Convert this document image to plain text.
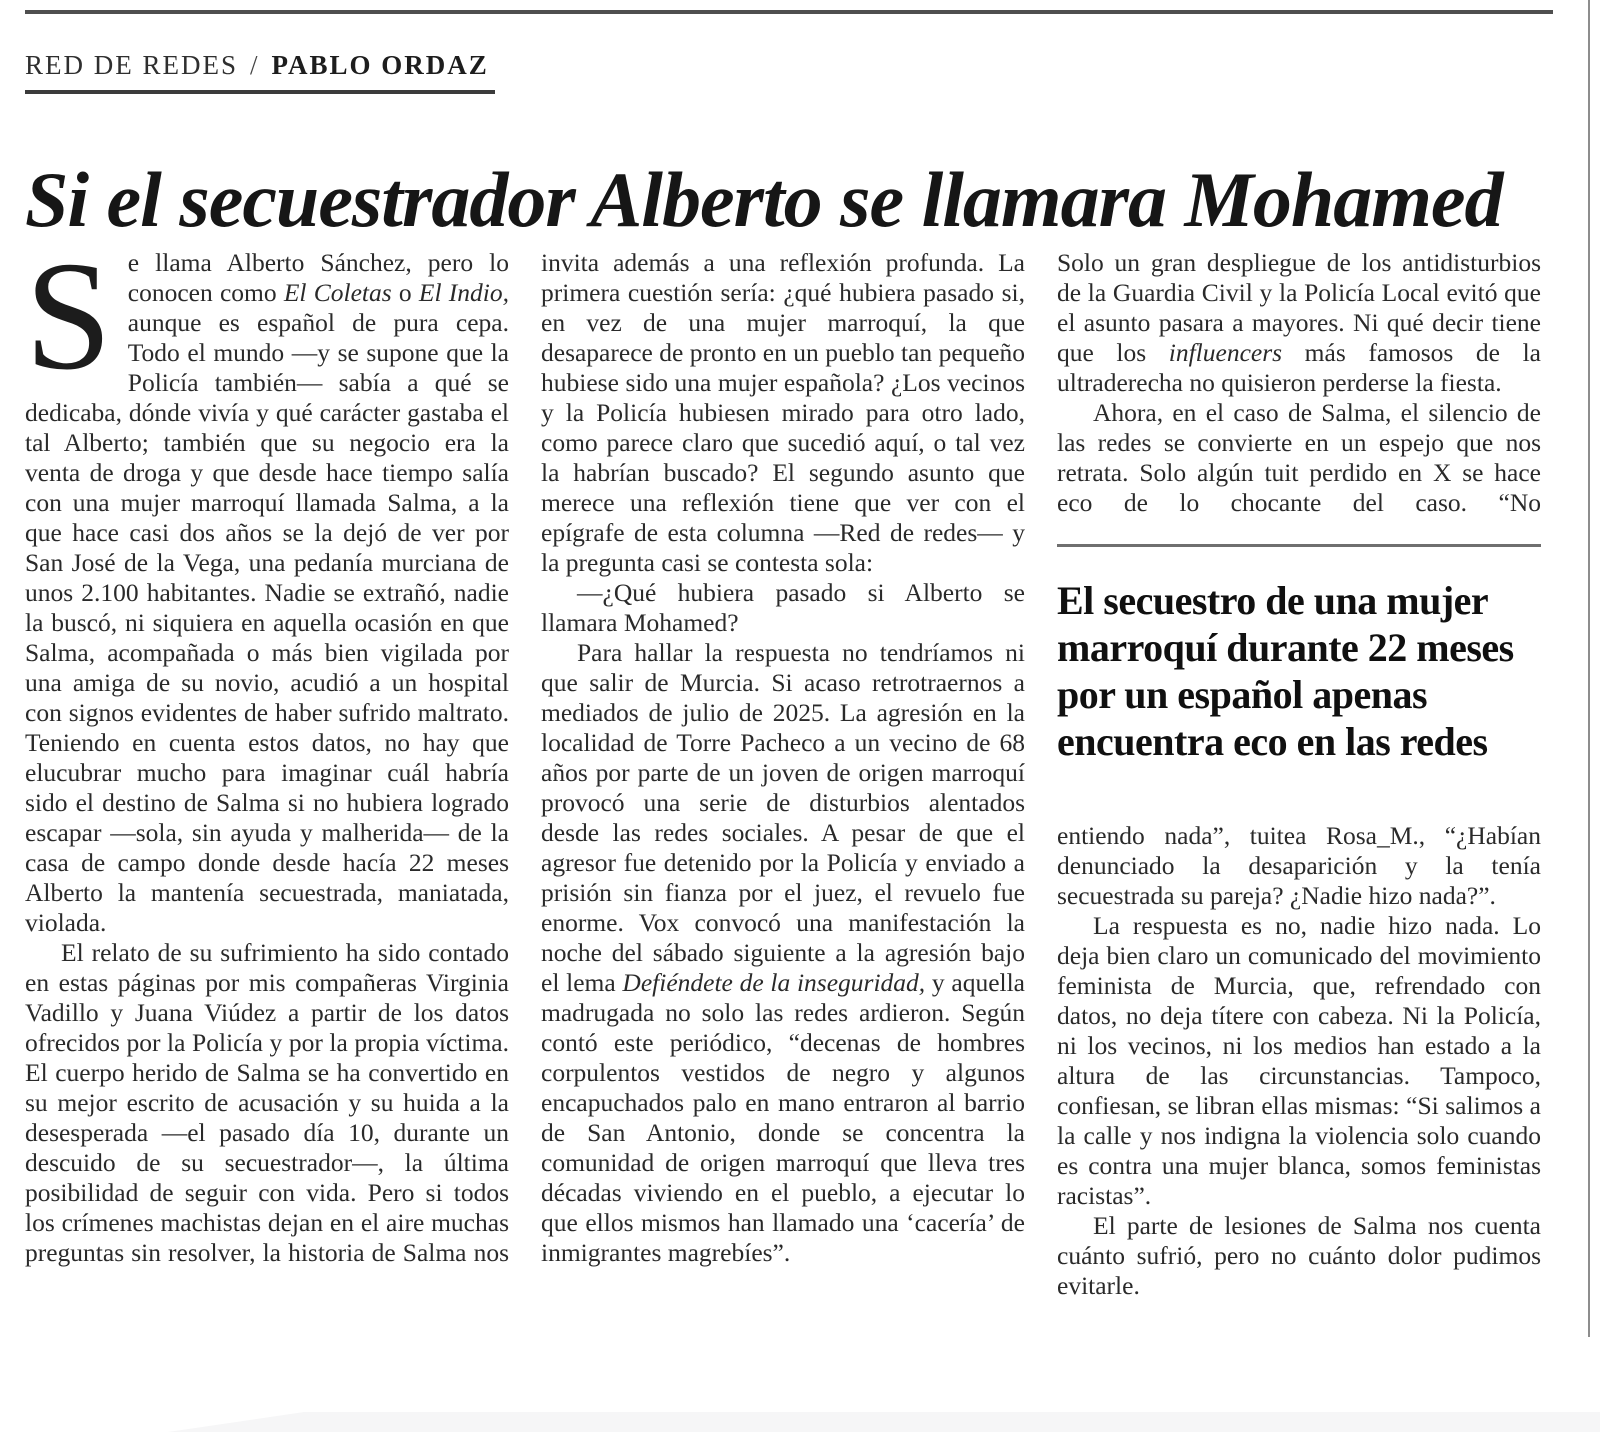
RED DE REDES / PABLO ORDAZ
Si el secuestrador Alberto se llamara Mohamed

Se llama Alberto Sánchez, pero lo conocen como El Coletas o El Indio, aunque es español de pura cepa. Todo el mundo —y se supone que la Policía también— sabía a qué se dedicaba, dónde vivía y qué carácter gastaba el tal Alberto; también que su negocio era la venta de droga y que desde hace tiempo salía con una mujer marroquí llamada Salma, a la que hace casi dos años se la dejó de ver por San José de la Vega, una pedanía murciana de unos 2.100 habitantes. Nadie se extrañó, nadie la buscó, ni siquiera en aquella ocasión en que Salma, acompañada o más bien vigilada por una amiga de su novio, acudió a un hospital con signos evidentes de haber sufrido maltrato. Teniendo en cuenta estos datos, no hay que elucubrar mucho para imaginar cuál habría sido el destino de Salma si no hubiera logrado escapar —sola, sin ayuda y malherida— de la casa de campo donde desde hacía 22 meses Alberto la mantenía secuestrada, maniatada, violada.

El relato de su sufrimiento ha sido contado en estas páginas por mis compañeras Virginia Vadillo y Juana Viúdez a partir de los datos ofrecidos por la Policía y por la propia víctima. El cuerpo herido de Salma se ha convertido en su mejor escrito de acusación y su huida a la desesperada —el pasado día 10, durante un descuido de su secuestrador—, la última posibilidad de seguir con vida. Pero si todos los crímenes machistas dejan en el aire muchas preguntas sin resolver, la historia de Salma nos

invita además a una reflexión profunda. La primera cuestión sería: ¿qué hubiera pasado si, en vez de una mujer marroquí, la que desaparece de pronto en un pueblo tan pequeño hubiese sido una mujer española? ¿Los vecinos y la Policía hubiesen mirado para otro lado, como parece claro que sucedió aquí, o tal vez la habrían buscado? El segundo asunto que merece una reflexión tiene que ver con el epígrafe de esta columna —Red de redes— y la pregunta casi se contesta sola:

—¿Qué hubiera pasado si Alberto se llamara Mohamed?

Para hallar la respuesta no tendríamos ni que salir de Murcia. Si acaso retrotraernos a mediados de julio de 2025. La agresión en la localidad de Torre Pacheco a un vecino de 68 años por parte de un joven de origen marroquí provocó una serie de disturbios alentados desde las redes sociales. A pesar de que el agresor fue detenido por la Policía y enviado a prisión sin fianza por el juez, el revuelo fue enorme. Vox convocó una manifestación la noche del sábado siguiente a la agresión bajo el lema Defiéndete de la inseguridad, y aquella madrugada no solo las redes ardieron. Según contó este periódico, “decenas de hombres corpulentos vestidos de negro y algunos encapuchados palo en mano entraron al barrio de San Antonio, donde se concentra la comunidad de origen marroquí que lleva tres décadas viviendo en el pueblo, a ejecutar lo que ellos mismos han llamado una ‘cacería’ de inmigrantes magrebíes”.

Solo un gran despliegue de los antidisturbios de la Guardia Civil y la Policía Local evitó que el asunto pasara a mayores. Ni qué decir tiene que los influencers más famosos de la ultraderecha no quisieron perderse la fiesta.

Ahora, en el caso de Salma, el silencio de las redes se convierte en un espejo que nos retrata. Solo algún tuit perdido en X se hace eco de lo chocante del caso. “No

El secuestro de una mujer marroquí durante 22 meses por un español apenas encuentra eco en las redes

entiendo nada”, tuitea Rosa_M., “¿Habían denunciado la desaparición y la tenía secuestrada su pareja? ¿Nadie hizo nada?”.

La respuesta es no, nadie hizo nada. Lo deja bien claro un comunicado del movimiento feminista de Murcia, que, refrendado con datos, no deja títere con cabeza. Ni la Policía, ni los vecinos, ni los medios han estado a la altura de las circunstancias. Tampoco, confiesan, se libran ellas mismas: “Si salimos a la calle y nos indigna la violencia solo cuando es contra una mujer blanca, somos feministas racistas”.

El parte de lesiones de Salma nos cuenta cuánto sufrió, pero no cuánto dolor pudimos evitarle.
